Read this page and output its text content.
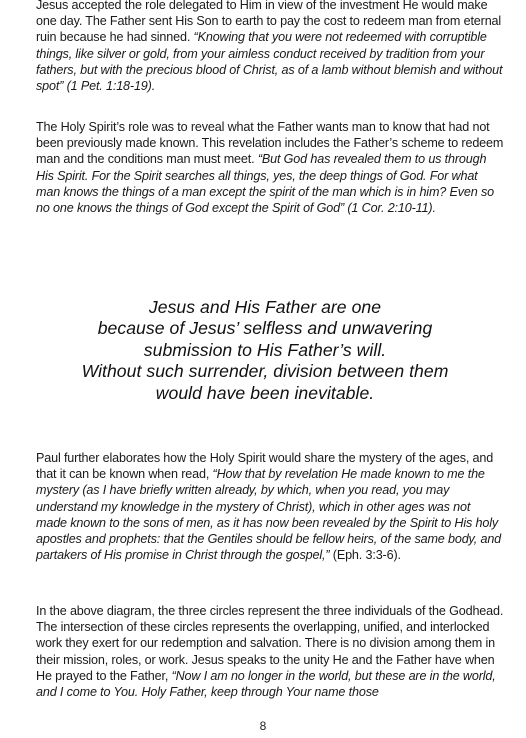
Jesus accepted the role delegated to Him in view of the investment He would make one day. The Father sent His Son to earth to pay the cost to redeem man from eternal ruin because he had sinned. “Knowing that you were not redeemed with corruptible things, like silver or gold, from your aimless conduct received by tradition from your fathers, but with the precious blood of Christ, as of a lamb without blemish and without spot” (1 Pet. 1:18-19).

The Holy Spirit’s role was to reveal what the Father wants man to know that had not been previously made known. This revelation includes the Father’s scheme to redeem man and the conditions man must meet. “But God has revealed them to us through His Spirit. For the Spirit searches all things, yes, the deep things of God. For what man knows the things of a man except the spirit of the man which is in him? Even so no one knows the things of God except the Spirit of God” (1 Cor. 2:10-11).

Jesus and His Father are one
because of Jesus’ selfless and unwavering
submission to His Father’s will.
Without such surrender, division between them
would have been inevitable.

Paul further elaborates how the Holy Spirit would share the mystery of the ages, and that it can be known when read, “How that by revelation He made known to me the mystery (as I have briefly written already, by which, when you read, you may understand my knowledge in the mystery of Christ), which in other ages was not made known to the sons of men, as it has now been revealed by the Spirit to His holy apostles and prophets: that the Gentiles should be fellow heirs, of the same body, and partakers of His promise in Christ through the gospel,” (Eph. 3:3-6).

In the above diagram, the three circles represent the three individuals of the Godhead. The intersection of these circles represents the overlapping, unified, and interlocked work they exert for our redemption and salvation. There is no division among them in their mission, roles, or work. Jesus speaks to the unity He and the Father have when He prayed to the Father, “Now I am no longer in the world, but these are in the world, and I come to You. Holy Father, keep through Your name those

8
